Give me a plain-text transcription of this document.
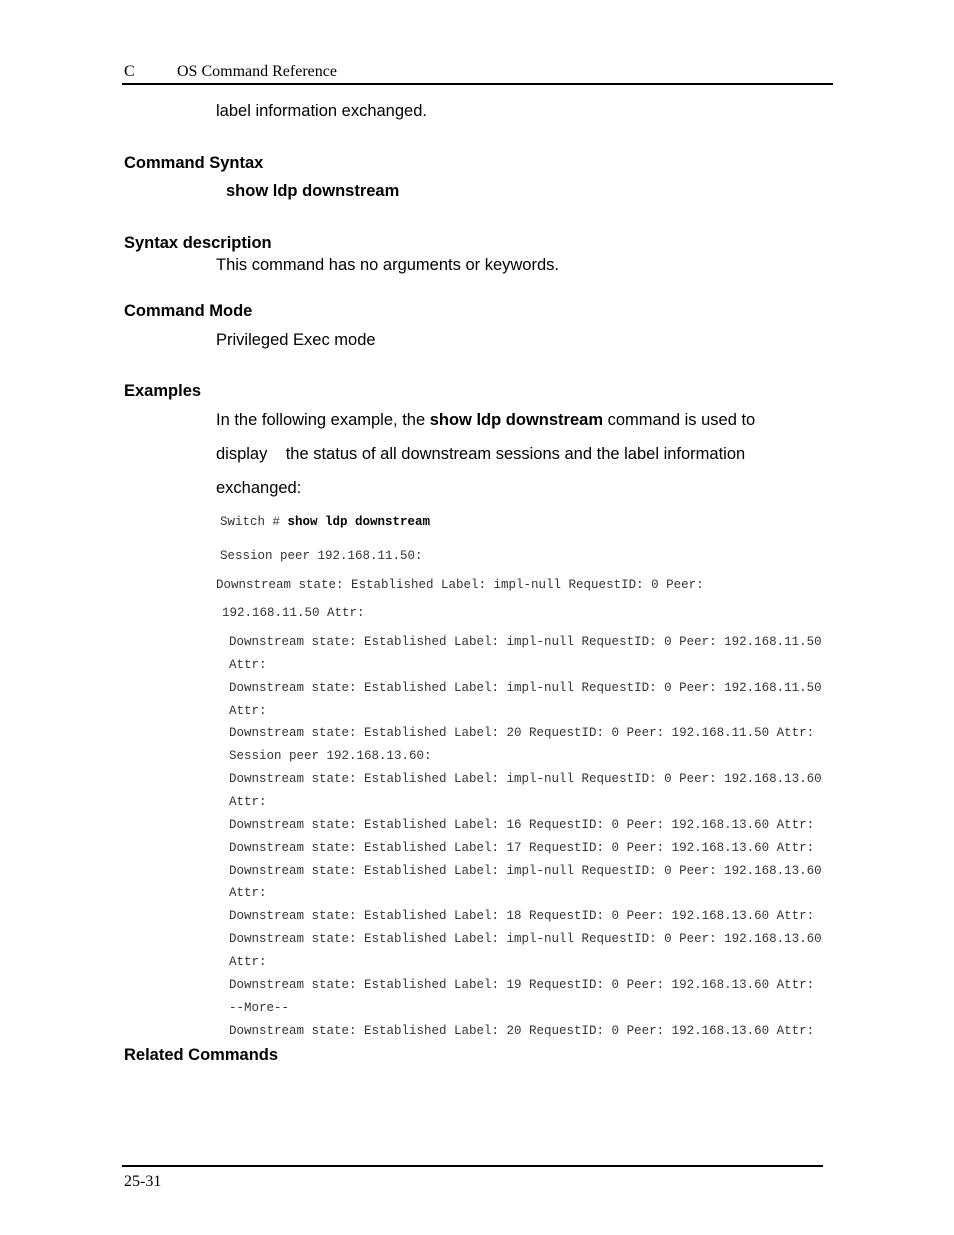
C	OS Command Reference
label information exchanged.
Command Syntax
show ldp downstream
Syntax description
This command has no arguments or keywords.
Command Mode
Privileged Exec mode
Examples
In the following example, the show ldp downstream command is used to
display    the status of all downstream sessions and the label information
exchanged:
Switch # show ldp downstream
Session peer 192.168.11.50:
Downstream state: Established Label: impl-null RequestID: 0 Peer:
192.168.11.50 Attr:
Downstream state: Established Label: impl-null RequestID: 0 Peer: 192.168.11.50
Attr:
Downstream state: Established Label: impl-null RequestID: 0 Peer: 192.168.11.50
Attr:
Downstream state: Established Label: 20 RequestID: 0 Peer: 192.168.11.50 Attr:
Session peer 192.168.13.60:
Downstream state: Established Label: impl-null RequestID: 0 Peer: 192.168.13.60
Attr:
Downstream state: Established Label: 16 RequestID: 0 Peer: 192.168.13.60 Attr:
Downstream state: Established Label: 17 RequestID: 0 Peer: 192.168.13.60 Attr:
Downstream state: Established Label: impl-null RequestID: 0 Peer: 192.168.13.60
Attr:
Downstream state: Established Label: 18 RequestID: 0 Peer: 192.168.13.60 Attr:
Downstream state: Established Label: impl-null RequestID: 0 Peer: 192.168.13.60
Attr:
Downstream state: Established Label: 19 RequestID: 0 Peer: 192.168.13.60 Attr:
--More--
Downstream state: Established Label: 20 RequestID: 0 Peer: 192.168.13.60 Attr:
Related Commands
25-31
